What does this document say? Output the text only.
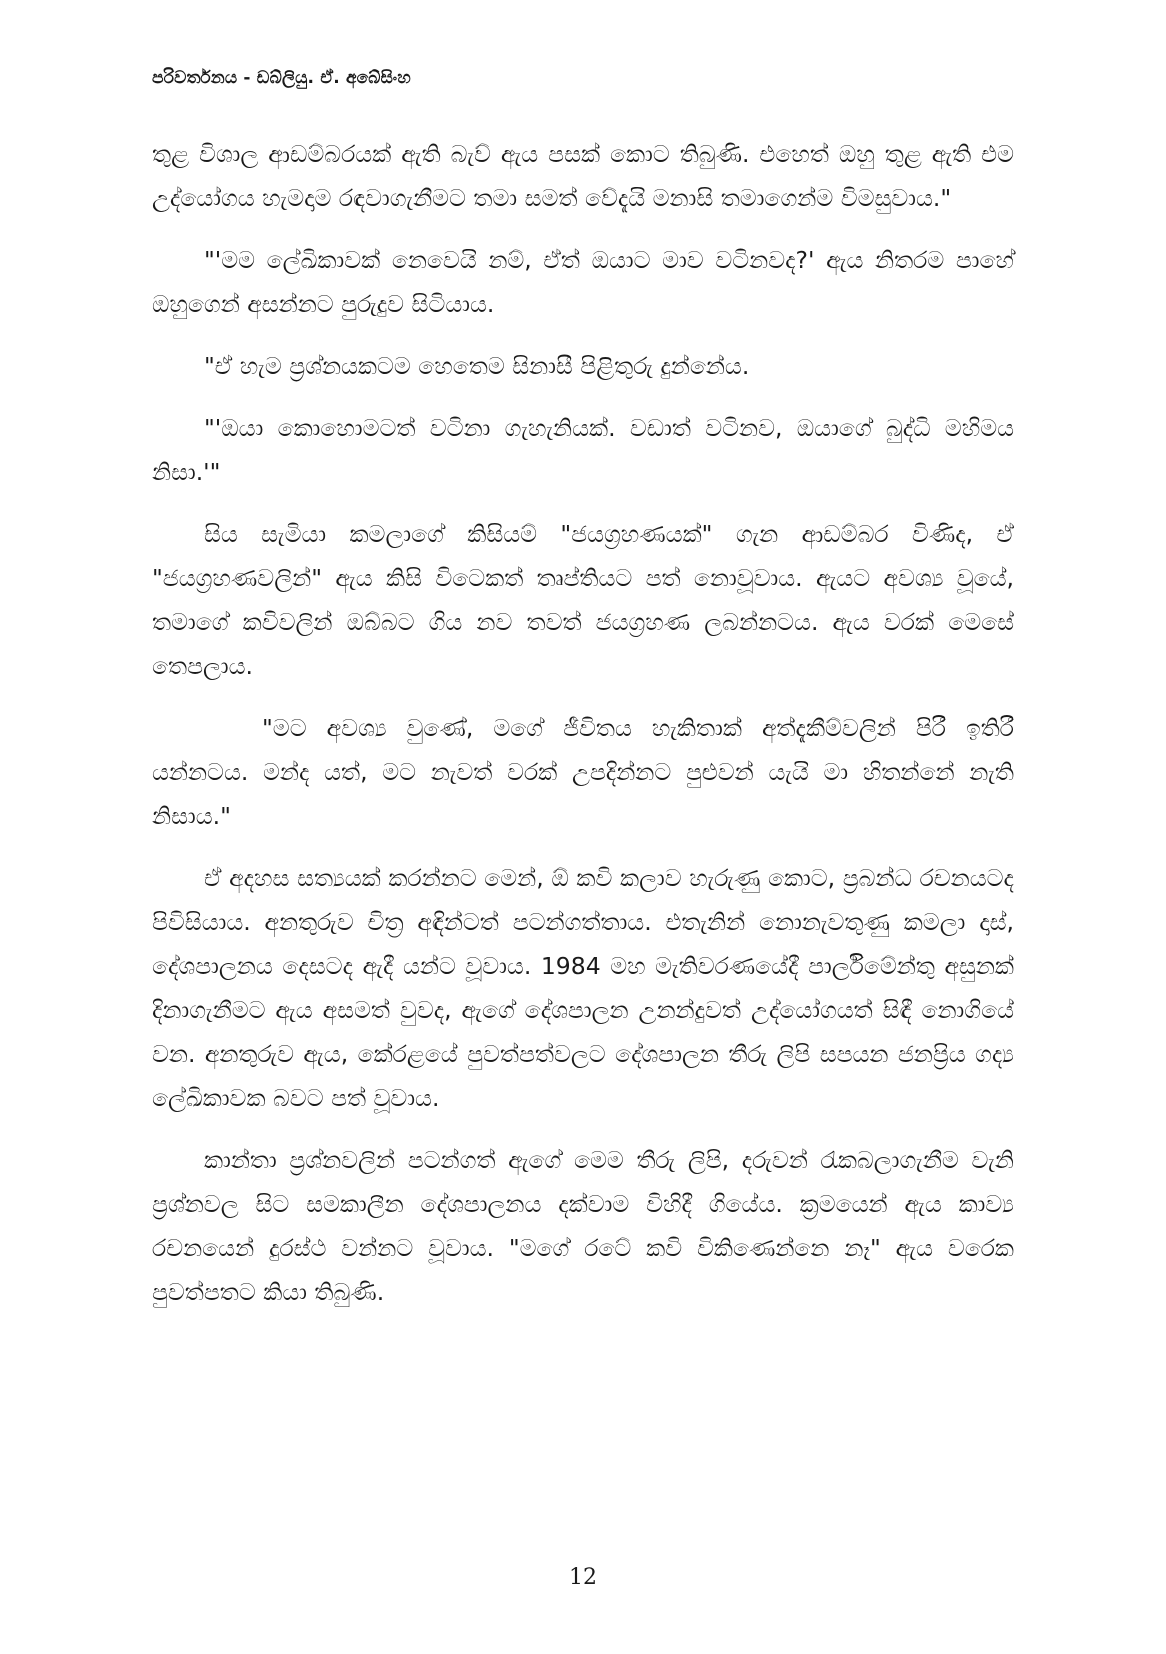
පරිවර්තනය - ඩබ්ලියු. ඒ. අබේසිංහ

තුළ විශාල ආඩම්බරයක් ඇති බැව් ඇය පසක් කොට තිබුණි. එහෙත් ඔහු තුළ ඇති එම උද්යෝගය හැමදාම රඳවාගැනීමට තමා සමත් වේදැයි මනාසි තමාගෙන්ම විමසුවාය."

"'මම ලේඛිකාවක් නෙවෙයි නම්, ඒත් ඔයාට මාව වටිනවද?' ඇය නිතරම පාහේ ඔහුගෙන් අසන්නට පුරුදුව සිටියාය.

"ඒ හැම ප්‍රශ්නයකටම හෙතෙම සිනාසී පිළිතුරු දුන්නේය.

"'ඔයා කොහොමටත් වටිනා ගැහැනියක්. වඩාත් වටිනව, ඔයාගේ බුද්ධි මහිමය නිසා.'"

සිය සැමියා කමලාගේ කිසියම් "ජයග්‍රහණයක්" ගැන ආඩම්බර විණිද, ඒ "ජයග්‍රහණවලින්" ඇය කිසි විටෙකත් තෘප්තියට පත් නොවූවාය. ඇයට අවශ්‍ය වූයේ, තමාගේ කවිවලින් ඔබ්බට ගිය නව තවත් ජයග්‍රහණ ලබන්නටය. ඇය වරක් මෙසේ තෙපලාය.

"මට අවශ්‍ය වුණේ, මගේ ජීවිතය හැකිතාක් අත්දැකීම්වලින් පිරී ඉතිරී යන්නටය. මන්ද යත්, මට නැවත් වරක් උපදින්නට පුළුවන් යැයි මා හිතන්නේ නැති නිසාය."

ඒ අදහස සත්‍යයක් කරන්නට මෙන්, ඕ කවි කලාව හැරුණු කොට, ප්‍රබන්ධ රචනයටද පිවිසියාය. අනතුරුව චිත්‍ර අඳින්ටත් පටන්ගත්තාය. එතැනින් නොනැවතුණු කමලා දාස්, දේශපාලනය දෙසටද ඇදී යන්ට වූවාය. 1984 මහ මැතිවරණයේදී පාර්ලිමේන්තු අසුනක් දිනාගැනීමට ඇය අසමත් වුවද, ඇගේ දේශපාලන උනන්දුවත් උද්යෝගයත් සිඳී නොගියේ වන. අනතුරුව ඇය, කේරළයේ පුවත්පත්වලට දේශපාලන තීරු ලිපි සපයන ජනප්‍රිය ගද්‍ය ලේඛිකාවක බවට පත් වූවාය.

කාන්තා ප්‍රශ්නවලින් පටන්ගත් ඇගේ මෙම තීරු ලිපි, දරුවන් රැකබලාගැනීම වැනි ප්‍රශ්නවල සිට සමකාලීන දේශපාලනය දක්වාම විහිදී ගියේය. ක්‍රමයෙන් ඇය කාව්‍ය රචනයෙන් දුරස්ථ වන්නට වූවාය. "මගේ රටේ කවි විකිණෙන්නෙ නෑ" ඇය වරෙක පුවත්පතට කියා තිබුණි.

12
